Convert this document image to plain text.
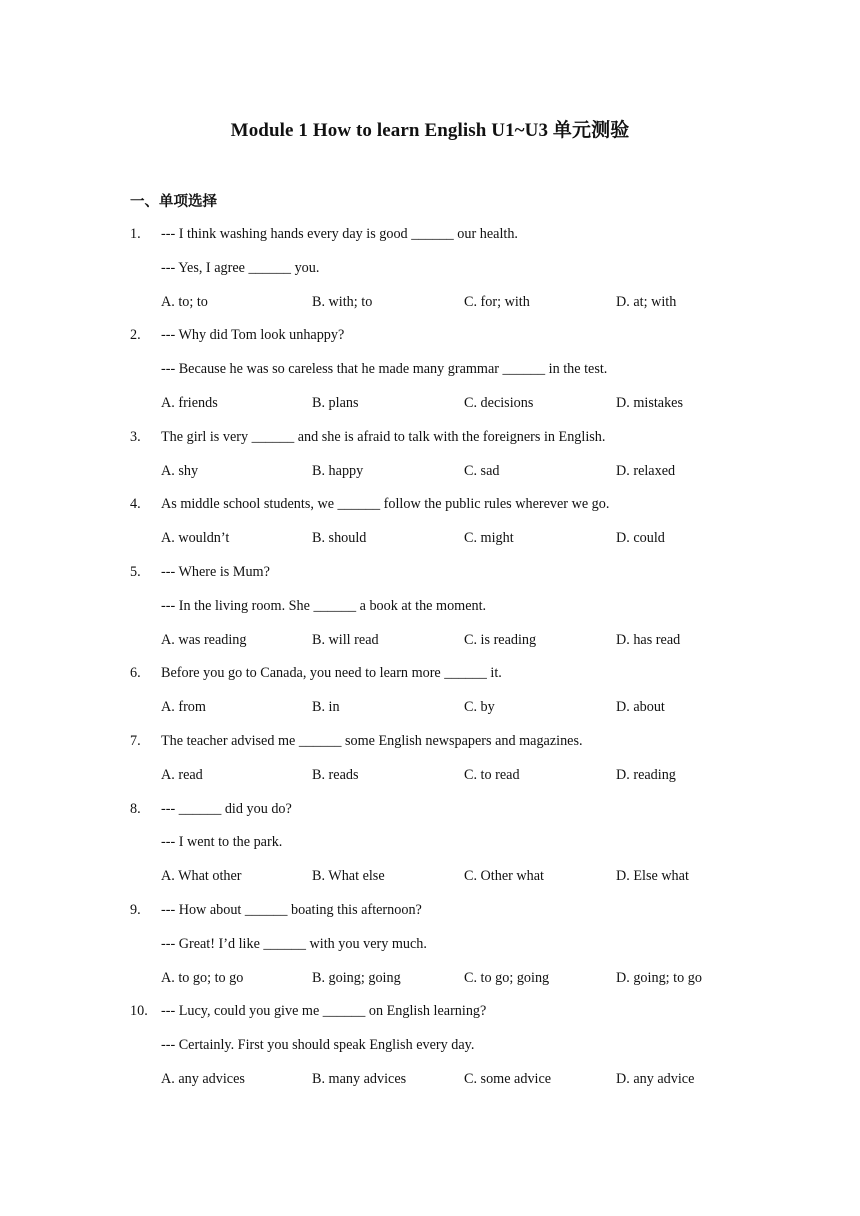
Module 1 How to learn English U1~U3 单元测验
一、单项选择
1. --- I think washing hands every day is good ______ our health.
--- Yes, I agree ______ you.
A. to; to	B. with; to	C. for; with	D. at; with
2. --- Why did Tom look unhappy?
--- Because he was so careless that he made many grammar ______ in the test.
A. friends	B. plans	C. decisions	D. mistakes
3. The girl is very ______ and she is afraid to talk with the foreigners in English.
A. shy	B. happy	C. sad	D. relaxed
4. As middle school students, we ______ follow the public rules wherever we go.
A. wouldn’t	B. should	C. might	D. could
5. --- Where is Mum?
--- In the living room. She ______ a book at the moment.
A. was reading	B. will read	C. is reading	D. has read
6. Before you go to Canada, you need to learn more ______ it.
A. from	B. in	C. by	D. about
7. The teacher advised me ______ some English newspapers and magazines.
A. read	B. reads	C. to read	D. reading
8. --- ______ did you do?
--- I went to the park.
A. What other	B. What else	C. Other what	D. Else what
9. --- How about ______ boating this afternoon?
--- Great! I’d like ______ with you very much.
A. to go; to go	B. going; going	C. to go; going	D. going; to go
10. --- Lucy, could you give me ______ on English learning?
--- Certainly. First you should speak English every day.
A. any advices	B. many advices	C. some advice	D. any advice
